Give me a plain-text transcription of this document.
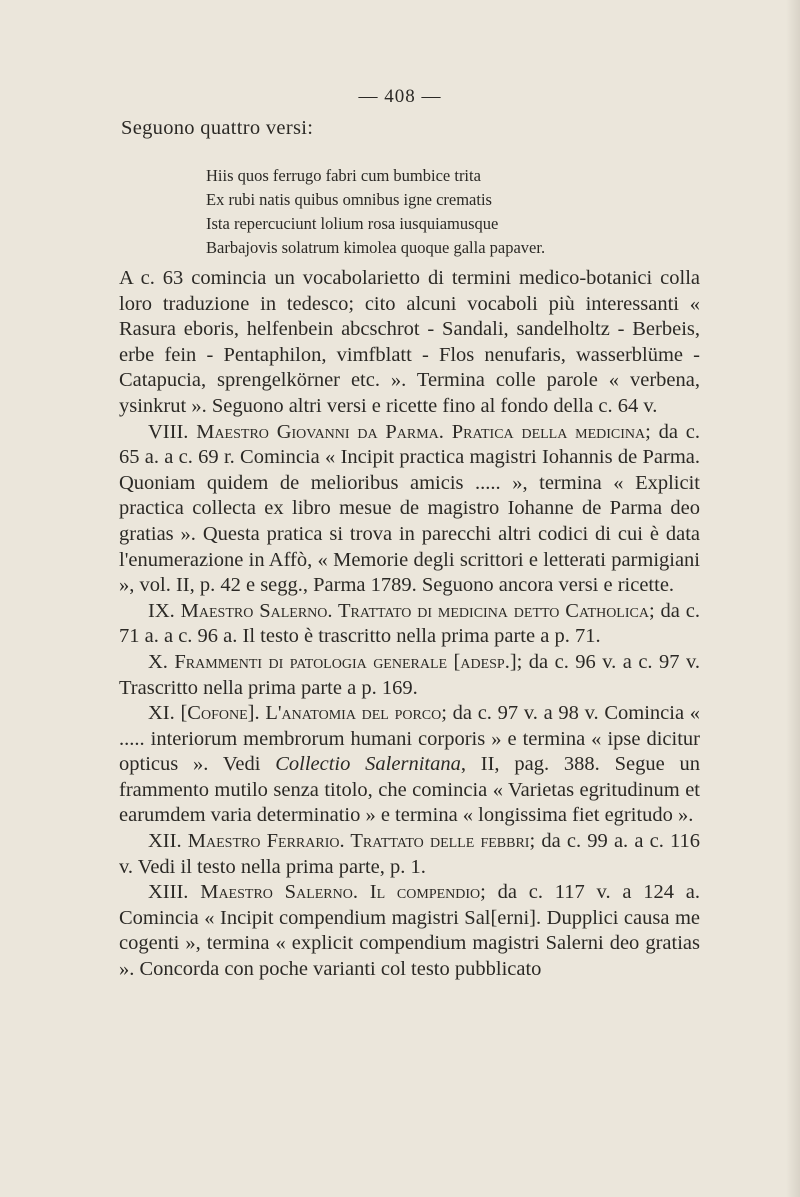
— 408 —
Seguono quattro versi:
Hiis quos ferrugo fabri cum bumbice trita
Ex rubi natis quibus omnibus igne crematis
Ista repercuciunt lolium rosa iusquiamusque
Barbajovis solatrum kimolea quoque galla papaver.

A c. 63 comincia un vocabolarietto di termini medico-botanici colla loro traduzione in tedesco; cito alcuni vocaboli più interessanti « Rasura eboris, helfenbein abcschrot - Sandali, sandelholtz - Berbeis, erbe fein - Pentaphilon, vimfblatt - Flos nenufaris, wasserblüme - Catapucia, sprengelkörner etc. ». Termina colle parole « verbena, ysinkrut ». Seguono altri versi e ricette fino al fondo della c. 64 v.

VIII. Maestro Giovanni da Parma. Pratica della medicina; da c. 65 a. a c. 69 r. Comincia « Incipit practica magistri Iohannis de Parma. Quoniam quidem de melioribus amicis ..... », termina « Explicit practica collecta ex libro mesue de magistro Iohanne de Parma deo gratias ». Questa pratica si trova in parecchi altri codici di cui è data l'enumerazione in Affò, « Memorie degli scrittori e letterati parmigiani », vol. II, p. 42 e segg., Parma 1789. Seguono ancora versi e ricette.

IX. Maestro Salerno. Trattato di medicina detto Catholica; da c. 71 a. a c. 96 a. Il testo è trascritto nella prima parte a p. 71.

X. Frammenti di patologia generale [adesp.]; da c. 96 v. a c. 97 v. Trascritto nella prima parte a p. 169.

XI. [Cofone]. L'anatomia del porco; da c. 97 v. a 98 v. Comincia « ..... interiorum membrorum humani corporis » e termina « ipse dicitur opticus ». Vedi Collectio Salernitana, II, pag. 388. Segue un frammento mutilo senza titolo, che comincia « Varietas egritudinum et earumdem varia determinatio » e termina « longissima fiet egritudo ».

XII. Maestro Ferrario. Trattato delle febbri; da c. 99 a. a c. 116 v. Vedi il testo nella prima parte, p. 1.

XIII. Maestro Salerno. Il compendio; da c. 117 v. a 124 a. Comincia « Incipit compendium magistri Sal[erni]. Dupplici causa me cogenti », termina « explicit compendium magistri Salerni deo gratias ». Concorda con poche varianti col testo pubblicato
